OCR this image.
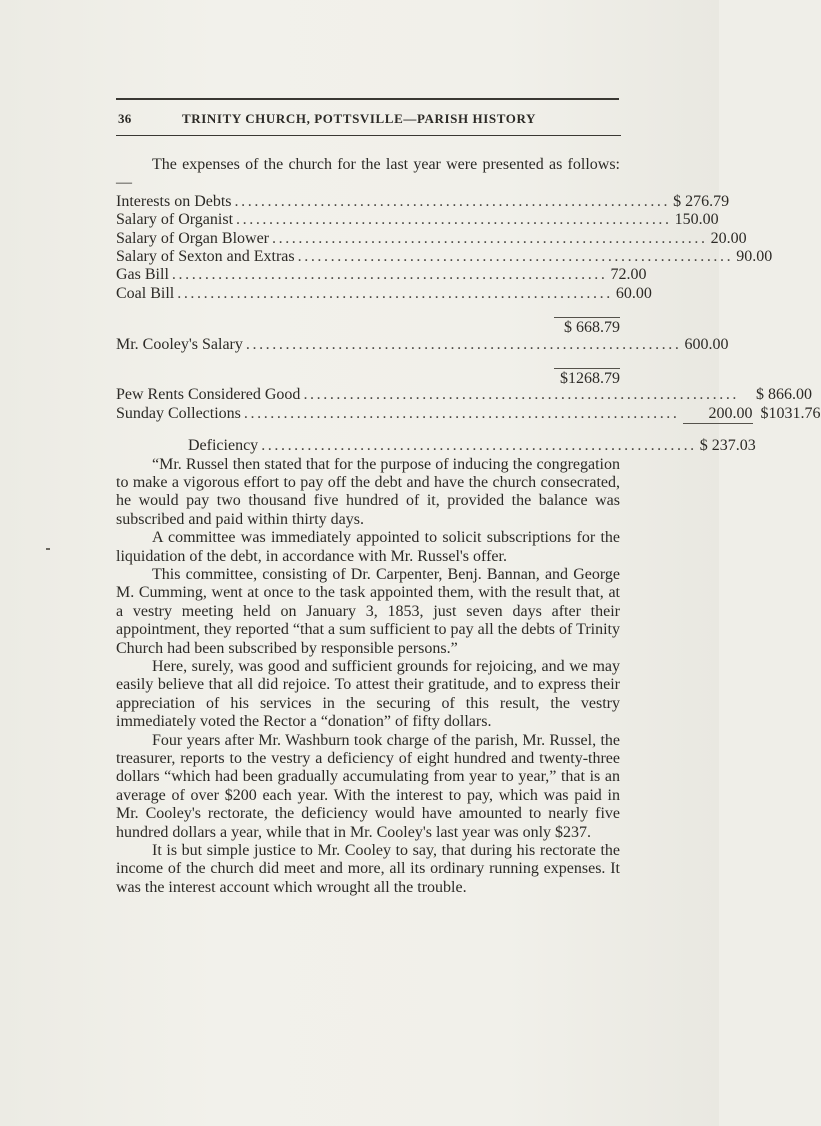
36	TRINITY CHURCH, POTTSVILLE—PARISH HISTORY

The expenses of the church for the last year were presented as follows:—

Interests on Debts .................................................................. $ 276.79
Salary of Organist .................................................................. 150.00
Salary of Organ Blower .................................................................. 20.00
Salary of Sexton and Extras .................................................................. 90.00
Gas Bill .................................................................. 72.00
Coal Bill .................................................................. 60.00
$ 668.79
Mr. Cooley's Salary .................................................................. 600.00
$1268.79
Pew Rents Considered Good ..................................................................	$ 866.00
Sunday Collections ..................................................................	200.00 $1031.76
Deficiency .................................................................. $ 237.03

“Mr. Russel then stated that for the purpose of inducing the congregation to make a vigorous effort to pay off the debt and have the church consecrated, he would pay two thousand five hundred of it, provided the balance was subscribed and paid within thirty days.

A committee was immediately appointed to solicit subscriptions for the liquidation of the debt, in accordance with Mr. Russel's offer.

This committee, consisting of Dr. Carpenter, Benj. Bannan, and George M. Cumming, went at once to the task appointed them, with the result that, at a vestry meeting held on January 3, 1853, just seven days after their appointment, they reported “that a sum sufficient to pay all the debts of Trinity Church had been subscribed by responsible persons.”

Here, surely, was good and sufficient grounds for rejoicing, and we may easily believe that all did rejoice. To attest their gratitude, and to express their appreciation of his services in the securing of this result, the vestry immediately voted the Rector a “donation” of fifty dollars.

Four years after Mr. Washburn took charge of the parish, Mr. Russel, the treasurer, reports to the vestry a deficiency of eight hundred and twenty-three dollars “which had been gradually accumulating from year to year,” that is an average of over $200 each year. With the interest to pay, which was paid in Mr. Cooley's rectorate, the deficiency would have amounted to nearly five hundred dollars a year, while that in Mr. Cooley's last year was only $237.

It is but simple justice to Mr. Cooley to say, that during his rectorate the income of the church did meet and more, all its ordinary running expenses. It was the interest account which wrought all the trouble.
